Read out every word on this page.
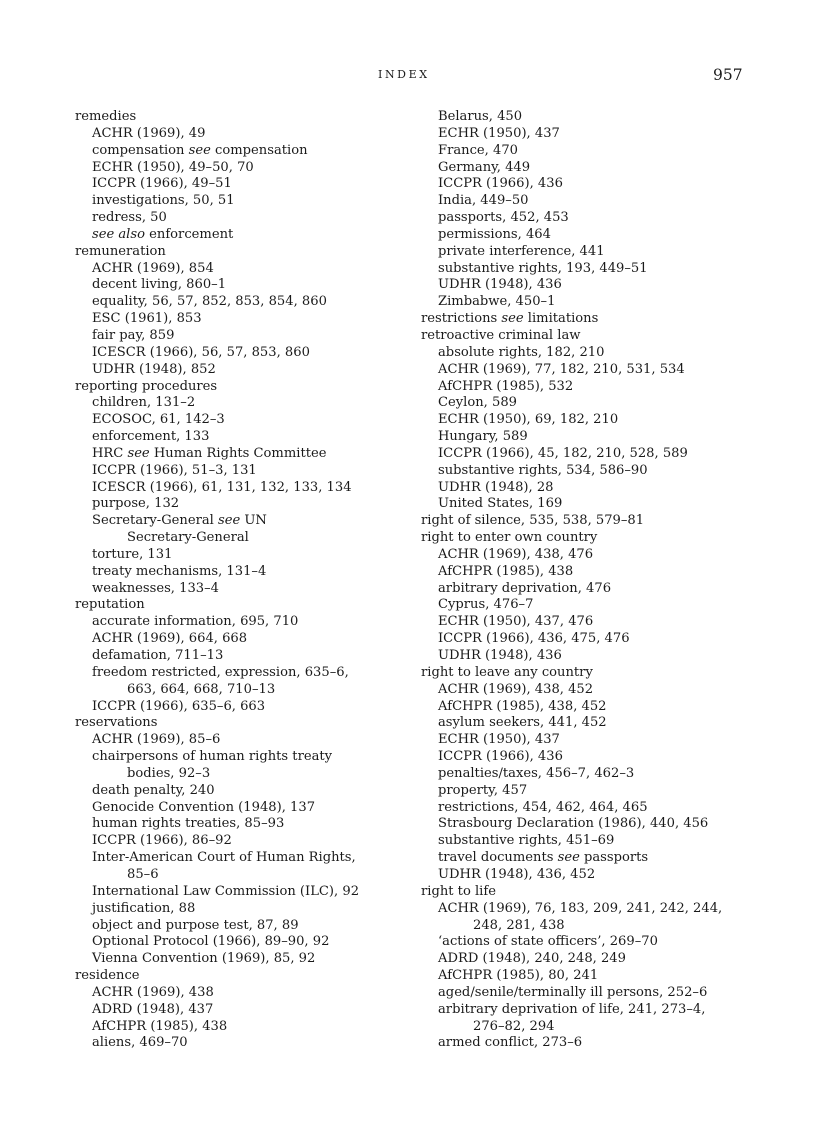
INDEX	957
remedies
ACHR (1969), 49
compensation see compensation
ECHR (1950), 49–50, 70
ICCPR (1966), 49–51
investigations, 50, 51
redress, 50
see also enforcement
remuneration
ACHR (1969), 854
decent living, 860–1
equality, 56, 57, 852, 853, 854, 860
ESC (1961), 853
fair pay, 859
ICESCR (1966), 56, 57, 853, 860
UDHR (1948), 852
reporting procedures
children, 131–2
ECOSOC, 61, 142–3
enforcement, 133
HRC see Human Rights Committee
ICCPR (1966), 51–3, 131
ICESCR (1966), 61, 131, 132, 133, 134
purpose, 132
Secretary-General see UN
Secretary-General
torture, 131
treaty mechanisms, 131–4
weaknesses, 133–4
reputation
accurate information, 695, 710
ACHR (1969), 664, 668
defamation, 711–13
freedom restricted, expression, 635–6,
663, 664, 668, 710–13
ICCPR (1966), 635–6, 663
reservations
ACHR (1969), 85–6
chairpersons of human rights treaty
bodies, 92–3
death penalty, 240
Genocide Convention (1948), 137
human rights treaties, 85–93
ICCPR (1966), 86–92
Inter-American Court of Human Rights,
85–6
International Law Commission (ILC), 92
justification, 88
object and purpose test, 87, 89
Optional Protocol (1966), 89–90, 92
Vienna Convention (1969), 85, 92
residence
ACHR (1969), 438
ADRD (1948), 437
AfCHPR (1985), 438
aliens, 469–70
Belarus, 450
ECHR (1950), 437
France, 470
Germany, 449
ICCPR (1966), 436
India, 449–50
passports, 452, 453
permissions, 464
private interference, 441
substantive rights, 193, 449–51
UDHR (1948), 436
Zimbabwe, 450–1
restrictions see limitations
retroactive criminal law
absolute rights, 182, 210
ACHR (1969), 77, 182, 210, 531, 534
AfCHPR (1985), 532
Ceylon, 589
ECHR (1950), 69, 182, 210
Hungary, 589
ICCPR (1966), 45, 182, 210, 528, 589
substantive rights, 534, 586–90
UDHR (1948), 28
United States, 169
right of silence, 535, 538, 579–81
right to enter own country
ACHR (1969), 438, 476
AfCHPR (1985), 438
arbitrary deprivation, 476
Cyprus, 476–7
ECHR (1950), 437, 476
ICCPR (1966), 436, 475, 476
UDHR (1948), 436
right to leave any country
ACHR (1969), 438, 452
AfCHPR (1985), 438, 452
asylum seekers, 441, 452
ECHR (1950), 437
ICCPR (1966), 436
penalties/taxes, 456–7, 462–3
property, 457
restrictions, 454, 462, 464, 465
Strasbourg Declaration (1986), 440, 456
substantive rights, 451–69
travel documents see passports
UDHR (1948), 436, 452
right to life
ACHR (1969), 76, 183, 209, 241, 242, 244,
248, 281, 438
‘actions of state officers’, 269–70
ADRD (1948), 240, 248, 249
AfCHPR (1985), 80, 241
aged/senile/terminally ill persons, 252–6
arbitrary deprivation of life, 241, 273–4,
276–82, 294
armed conflict, 273–6
